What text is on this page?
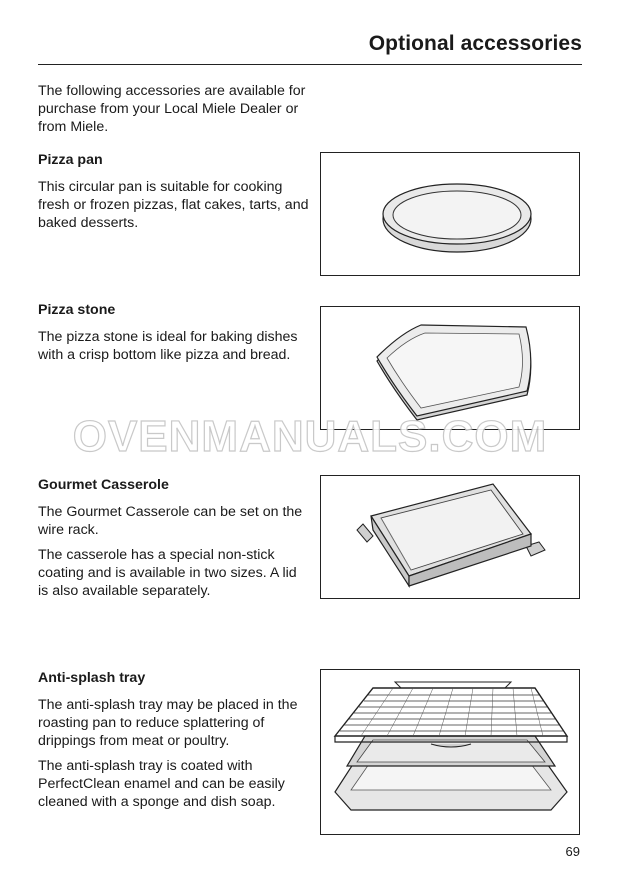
Optional accessories
The following accessories are available for purchase from your Local Miele Dealer or from Miele.
Pizza pan
This circular pan is suitable for cooking fresh or frozen pizzas, flat cakes, tarts, and baked desserts.
Pizza stone
The pizza stone is ideal for baking dishes with a crisp bottom like pizza and bread.
OVENMANUALS.COM
Gourmet Casserole
The Gourmet Casserole can be set on the wire rack.
The casserole has a special non-stick coating and is available in two sizes. A lid is also available separately.
Anti-splash tray
The anti-splash tray may be placed in the roasting pan to reduce splattering of drippings from meat or poultry.
The anti-splash tray is coated with PerfectClean enamel and can be easily cleaned with a sponge and dish soap.
69
